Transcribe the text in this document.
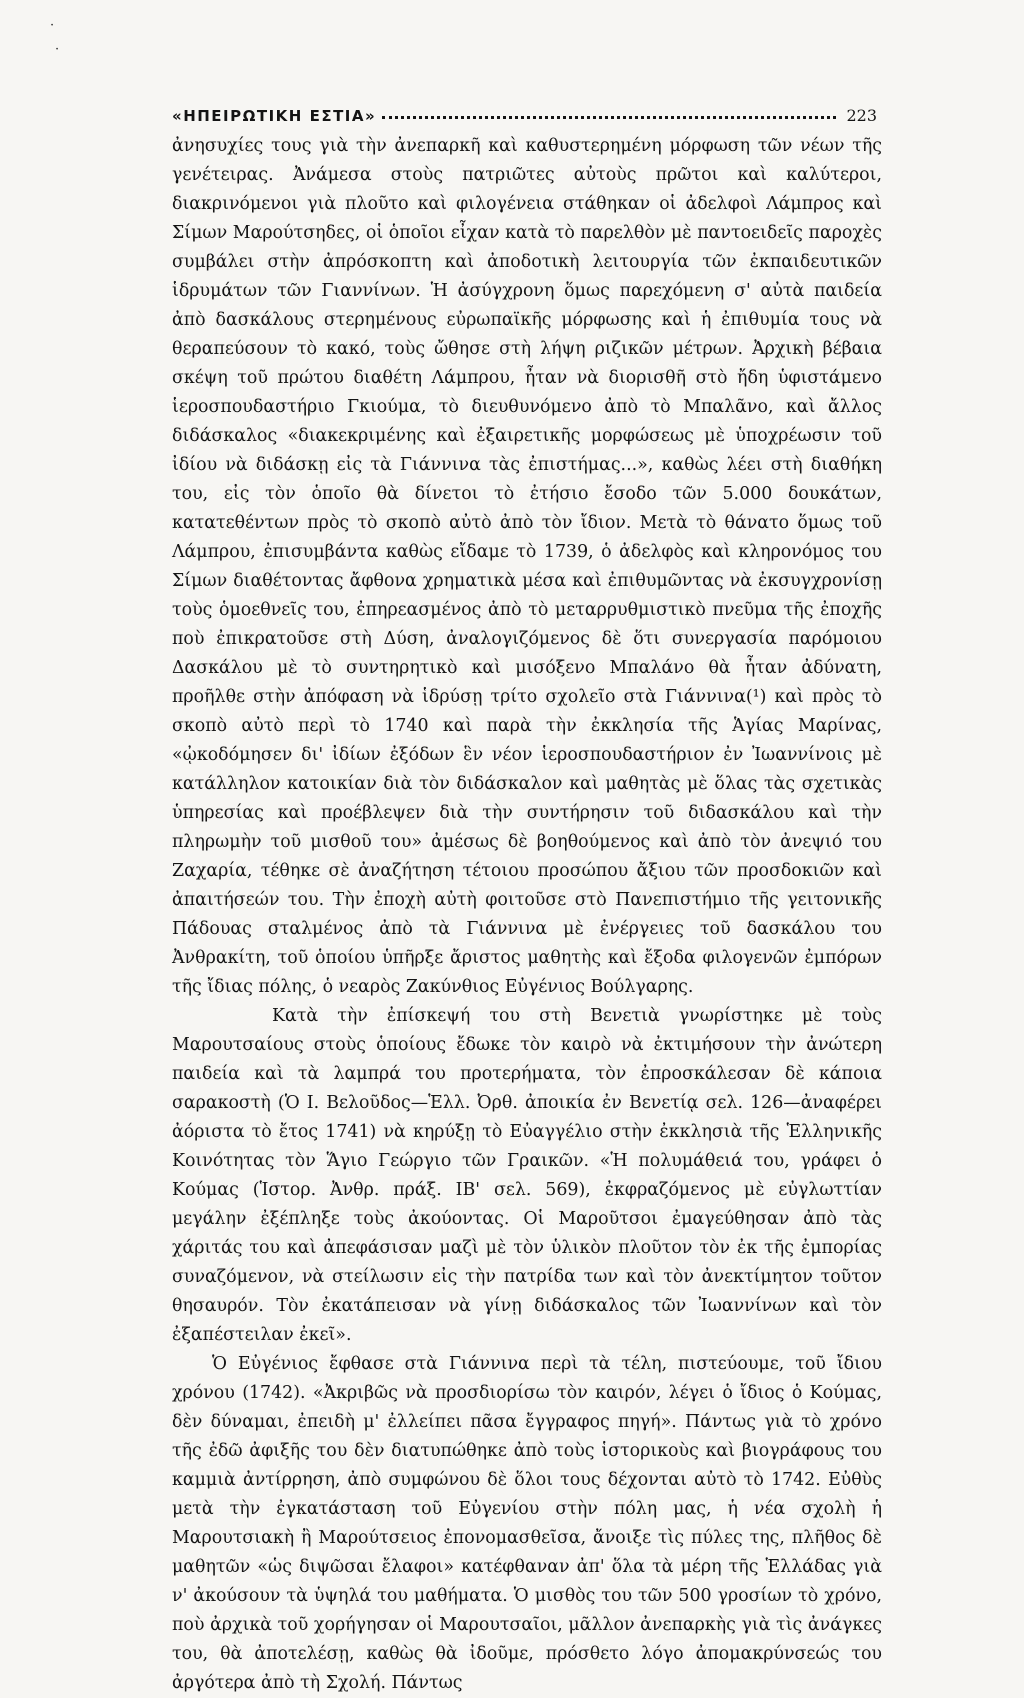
«ΗΠΕΙΡΩΤΙΚΗ ΕΣΤΙΑ»	223
·
·

ἀνησυχίες τους γιὰ τὴν ἀνεπαρκῆ καὶ καθυστερημένη μόρφωση τῶν νέων τῆς γενέτειρας. Ἀνάμεσα στοὺς πατριῶτες αὐτοὺς πρῶτοι καὶ καλύτεροι, διακρινόμενοι γιὰ πλοῦτο καὶ φιλογένεια στάθηκαν οἱ ἀδελφοὶ Λάμπρος καὶ Σίμων Μαρούτσηδες, οἱ ὁποῖοι εἶχαν κατὰ τὸ παρελθὸν μὲ παντοειδεῖς παροχὲς συμβάλει στὴν ἀπρόσκοπτη καὶ ἀποδοτικὴ λειτουργία τῶν ἐκπαιδευτικῶν ἱδρυμάτων τῶν Γιαννίνων. Ἡ ἀσύγχρονη ὅμως παρεχόμενη σ' αὐτὰ παιδεία ἀπὸ δασκάλους στερημένους εὐρωπαϊκῆς μόρφωσης καὶ ἡ ἐπιθυμία τους νὰ θεραπεύσουν τὸ κακό, τοὺς ὤθησε στὴ λήψη ριζικῶν μέτρων. Ἀρχικὴ βέβαια σκέψη τοῦ πρώτου διαθέτη Λάμπρου, ἦταν νὰ διορισθῆ στὸ ἤδη ὑφιστάμενο ἱεροσπουδαστήριο Γκιούμα, τὸ διευθυνόμενο ἀπὸ τὸ Μπαλᾶνο, καὶ ἄλλος διδάσκαλος «διακεκριμένης καὶ ἐξαιρετικῆς μορφώσεως μὲ ὑποχρέωσιν τοῦ ἰδίου νὰ διδάσκῃ εἰς τὰ Γιάννινα τὰς ἐπιστήμας...», καθὼς λέει στὴ διαθήκη του, εἰς τὸν ὁποῖο θὰ δίνετοι τὸ ἐτήσιο ἔσοδο τῶν 5.000 δουκάτων, κατατεθέντων πρὸς τὸ σκοπὸ αὐτὸ ἀπὸ τὸν ἴδιον. Μετὰ τὸ θάνατο ὅμως τοῦ Λάμπρου, ἐπισυμβάντα καθὼς εἴδαμε τὸ 1739, ὁ ἀδελφὸς καὶ κληρονόμος του Σίμων διαθέτοντας ἄφθονα χρηματικὰ μέσα καὶ ἐπιθυμῶντας νὰ ἐκσυγχρονίσῃ τοὺς ὁμοεθνεῖς του, ἐπηρεασμένος ἀπὸ τὸ μεταρρυθμιστικὸ πνεῦμα τῆς ἐποχῆς ποὺ ἐπικρατοῦσε στὴ Δύση, ἀναλογιζόμενος δὲ ὅτι συνεργασία παρόμοιου Δασκάλου μὲ τὸ συντηρητικὸ καὶ μισόξενο Μπαλάνο θὰ ἦταν ἀδύνατη, προῆλθε στὴν ἀπόφαση νὰ ἱδρύσῃ τρίτο σχολεῖο στὰ Γιάννινα(¹) καὶ πρὸς τὸ σκοπὸ αὐτὸ περὶ τὸ 1740 καὶ παρὰ τὴν ἐκκλησία τῆς Ἁγίας Μαρίνας, «ᾠκοδόμησεν δι' ἰδίων ἐξόδων ἓν νέον ἱεροσπουδαστήριον ἐν Ἰωαννίνοις μὲ κατάλληλον κατοικίαν διὰ τὸν διδάσκαλον καὶ μαθητὰς μὲ ὅλας τὰς σχετικὰς ὑπηρεσίας καὶ προέβλεψεν διὰ τὴν συντήρησιν τοῦ διδασκάλου καὶ τὴν πληρωμὴν τοῦ μισθοῦ του» ἀμέσως δὲ βοηθούμενος καὶ ἀπὸ τὸν ἀνεψιό του Ζαχαρία, τέθηκε σὲ ἀναζήτηση τέτοιου προσώπου ἄξιου τῶν προσδοκιῶν καὶ ἀπαιτήσεών του. Τὴν ἐποχὴ αὐτὴ φοιτοῦσε στὸ Πανεπιστήμιο τῆς γειτονικῆς Πάδουας σταλμένος ἀπὸ τὰ Γιάννινα μὲ ἐνέργειες τοῦ δασκάλου του Ἀνθρακίτη, τοῦ ὁποίου ὑπῆρξε ἄριστος μαθητὴς καὶ ἔξοδα φιλογενῶν ἐμπόρων τῆς ἴδιας πόλης, ὁ νεαρὸς Ζακύνθιος Εὐγένιος Βούλγαρης.

Κατὰ τὴν ἐπίσκεψή του στὴ Βενετιὰ γνωρίστηκε μὲ τοὺς Μαρουτσαίους στοὺς ὁποίους ἔδωκε τὸν καιρὸ νὰ ἐκτιμήσουν τὴν ἀνώτερη παιδεία καὶ τὰ λαμπρά του προτερήματα, τὸν ἐπροσκάλεσαν δὲ κάποια σαρακοστὴ (Ὁ Ι. Βελοῦδος—Ἑλλ. Ὀρθ. ἀποικία ἐν Βενετίᾳ σελ. 126—ἀναφέρει ἀόριστα τὸ ἔτος 1741) νὰ κηρύξῃ τὸ Εὐαγγέλιο στὴν ἐκκλησιὰ τῆς Ἑλληνικῆς Κοινότητας τὸν Ἅγιο Γεώργιο τῶν Γραικῶν. «Ἡ πολυμάθειά του, γράφει ὁ Κούμας (Ἱστορ. Ἀνθρ. πράξ. ΙΒ' σελ. 569), ἐκφραζόμενος μὲ εὐγλωττίαν μεγάλην ἐξέπληξε τοὺς ἀκούοντας. Οἱ Μαροῦτσοι ἐμαγεύθησαν ἀπὸ τὰς χάριτάς του καὶ ἀπεφάσισαν μαζὶ μὲ τὸν ὑλικὸν πλοῦτον τὸν ἐκ τῆς ἐμπορίας συναζόμενον, νὰ στείλωσιν εἰς τὴν πατρίδα των καὶ τὸν ἀνεκτίμητον τοῦτον θησαυρόν. Τὸν ἐκατάπεισαν νὰ γίνῃ διδάσκαλος τῶν Ἰωαννίνων καὶ τὸν ἐξαπέστειλαν ἐκεῖ».

Ὁ Εὐγένιος ἔφθασε στὰ Γιάννινα περὶ τὰ τέλη, πιστεύουμε, τοῦ ἴδιου χρόνου (1742). «Ἀκριβῶς νὰ προσδιορίσω τὸν καιρόν, λέγει ὁ ἴδιος ὁ Κούμας, δὲν δύναμαι, ἐπειδὴ μ' ἐλλείπει πᾶσα ἔγγραφος πηγή». Πάντως γιὰ τὸ χρόνο τῆς ἐδῶ ἀφιξῆς του δὲν διατυπώθηκε ἀπὸ τοὺς ἱστορικοὺς καὶ βιογράφους του καμμιὰ ἀντίρρηση, ἀπὸ συμφώνου δὲ ὅλοι τους δέχονται αὐτὸ τὸ 1742. Εὐθὺς μετὰ τὴν ἐγκατάσταση τοῦ Εὐγενίου στὴν πόλη μας, ἡ νέα σχολὴ ἡ Μαρουτσιακὴ ἢ Μαρούτσειος ἐπονομασθεῖσα, ἄνοιξε τὶς πύλες της, πλῆθος δὲ μαθητῶν «ὡς διψῶσαι ἔλαφοι» κατέφθαναν ἀπ' ὅλα τὰ μέρη τῆς Ἑλλάδας γιὰ ν' ἀκούσουν τὰ ὑψηλά του μαθήματα. Ὁ μισθὸς του τῶν 500 γροσίων τὸ χρόνο, ποὺ ἀρχικὰ τοῦ χορήγησαν οἱ Μαρουτσαῖοι, μᾶλλον ἀνεπαρκὴς γιὰ τὶς ἀνάγκες του, θὰ ἀποτελέσῃ, καθὼς θὰ ἰδοῦμε, πρόσθετο λόγο ἀπομακρύνσεώς του ἀργότερα ἀπὸ τὴ Σχολή. Πάντως
